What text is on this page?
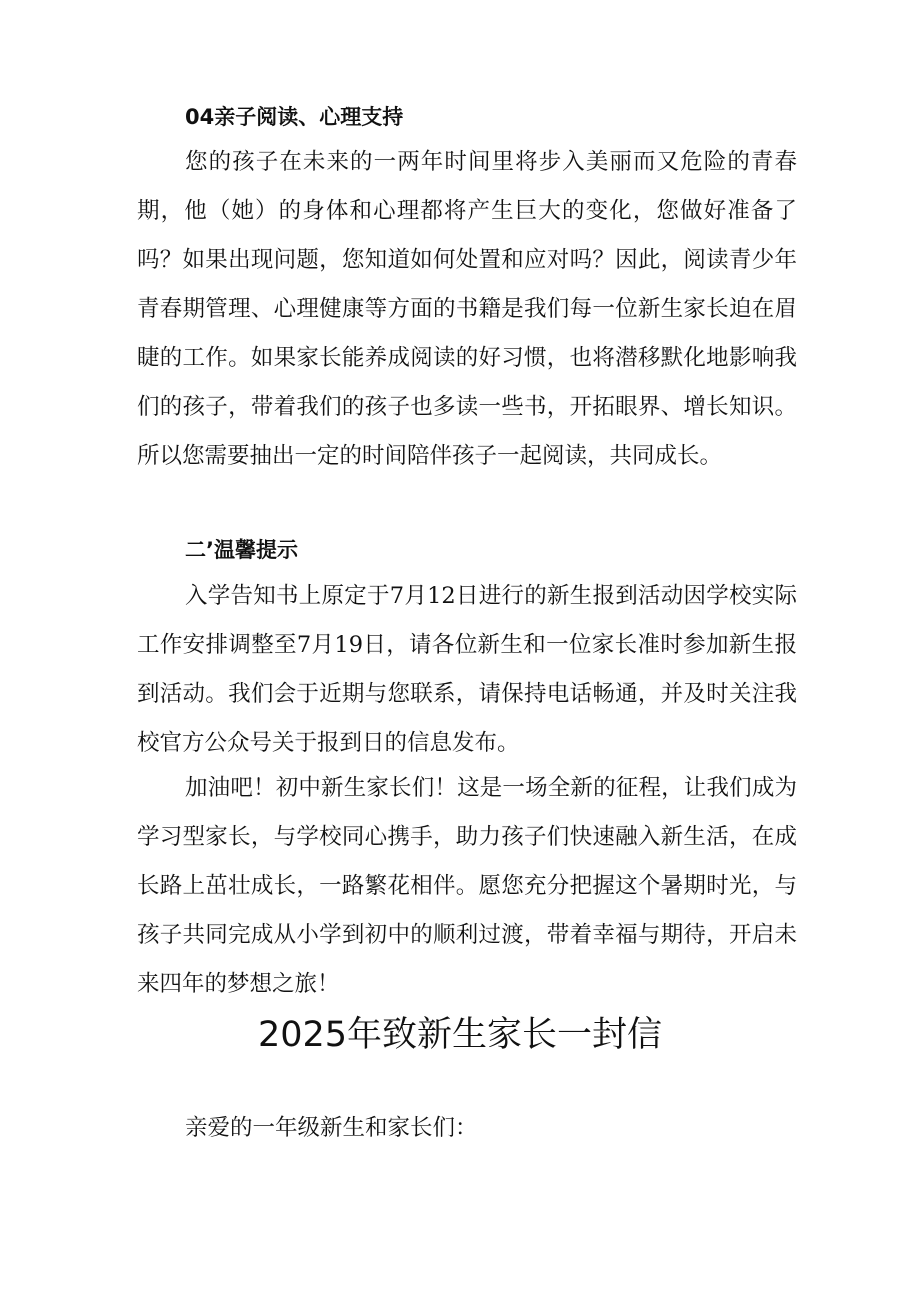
04亲子阅读、心理支持
您的孩子在未来的一两年时间里将步入美丽而又危险的青春期，他（她）的身体和心理都将产生巨大的变化，您做好准备了吗？如果出现问题，您知道如何处置和应对吗？因此，阅读青少年青春期管理、心理健康等方面的书籍是我们每一位新生家长迫在眉睫的工作。如果家长能养成阅读的好习惯，也将潜移默化地影响我们的孩子，带着我们的孩子也多读一些书，开拓眼界、增长知识。所以您需要抽出一定的时间陪伴孩子一起阅读，共同成长。
二’温馨提示
入学告知书上原定于7月12日进行的新生报到活动因学校实际工作安排调整至7月19日，请各位新生和一位家长准时参加新生报到活动。我们会于近期与您联系，请保持电话畅通，并及时关注我校官方公众号关于报到日的信息发布。
加油吧！初中新生家长们！这是一场全新的征程，让我们成为学习型家长，与学校同心携手，助力孩子们快速融入新生活，在成长路上茁壮成长，一路繁花相伴。愿您充分把握这个暑期时光，与孩子共同完成从小学到初中的顺利过渡，带着幸福与期待，开启未来四年的梦想之旅！
2025年致新生家长一封信
亲爱的一年级新生和家长们：
